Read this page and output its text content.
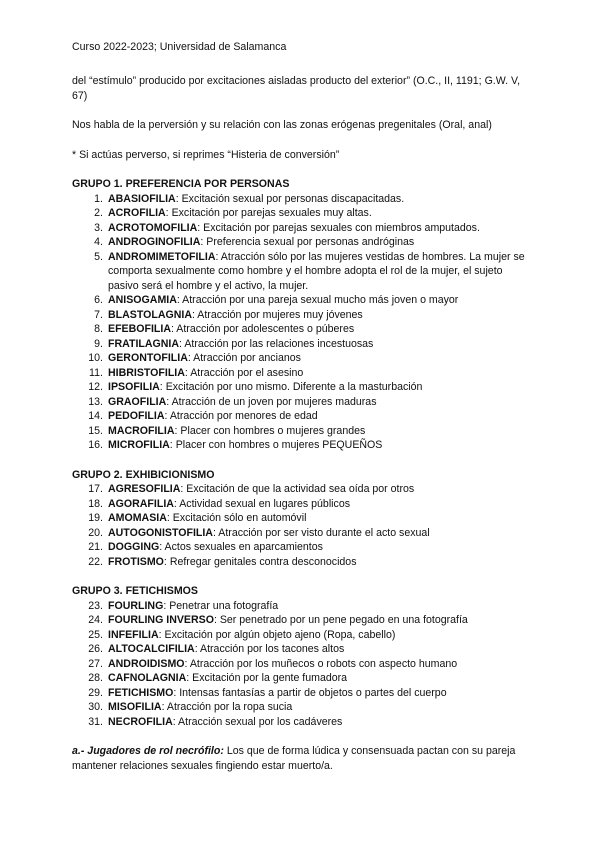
Curso 2022-2023; Universidad de Salamanca

del “estímulo” producido por excitaciones aisladas producto del exterior” (O.C., II, 1191; G.W. V, 67)

Nos habla de la perversión y su relación con las zonas erógenas pregenitales (Oral, anal)

* Si actúas perverso, si reprimes “Histeria de conversión”

GRUPO 1. PREFERENCIA POR PERSONAS

1. ABASIOFILIA: Excitación sexual por personas discapacitadas.
2. ACROFILIA: Excitación por parejas sexuales muy altas.
3. ACROTOMOFILIA: Excitación por parejas sexuales con miembros amputados.
4. ANDROGINOFILIA: Preferencia sexual por personas andróginas
5. ANDROMIMETOFILIA: Atracción sólo por las mujeres vestidas de hombres. La mujer se comporta sexualmente como hombre y el hombre adopta el rol de la mujer, el sujeto pasivo será el hombre y el activo, la mujer.
6. ANISOGAMIA: Atracción por una pareja sexual mucho más joven o mayor
7. BLASTOLAGNIA: Atracción por mujeres muy jóvenes
8. EFEBOFILIA: Atracción por adolescentes o púberes
9. FRATILAGNIA: Atracción por las relaciones incestuosas
10. GERONTOFILIA: Atracción por ancianos
11. HIBRISTOFILIA: Atracción por el asesino
12. IPSOFILIA: Excitación por uno mismo. Diferente a la masturbación
13. GRAOFILIA: Atracción de un joven por mujeres maduras
14. PEDOFILIA: Atracción por menores de edad
15. MACROFILIA: Placer con hombres o mujeres grandes
16. MICROFILIA: Placer con hombres o mujeres PEQUEÑOS

GRUPO 2. EXHIBICIONISMO

17. AGRESOFILIA: Excitación de que la actividad sea oída por otros
18. AGORAFILIA: Actividad sexual en lugares públicos
19. AMOMASIA: Excitación sólo en automóvil
20. AUTOGONISTOFILIA: Atracción por ser visto durante el acto sexual
21. DOGGING: Actos sexuales en aparcamientos
22. FROTISMO: Refregar genitales contra desconocidos

GRUPO 3. FETICHISMOS

23. FOURLING: Penetrar una fotografía
24. FOURLING INVERSO: Ser penetrado por un pene pegado en una fotografía
25. INFEFILIA: Excitación por algún objeto ajeno (Ropa, cabello)
26. ALTOCALCIFILIA: Atracción por los tacones altos
27. ANDROIDISMO: Atracción por los muñecos o robots con aspecto humano
28. CAFNOLAGNIA: Excitación por la gente fumadora
29. FETICHISMO: Intensas fantasías a partir de objetos o partes del cuerpo
30. MISOFILIA: Atracción por la ropa sucia
31. NECROFILIA: Atracción sexual por los cadáveres

a.- Jugadores de rol necrófilo: Los que de forma lúdica y consensuada pactan con su pareja mantener relaciones sexuales fingiendo estar muerto/a.
